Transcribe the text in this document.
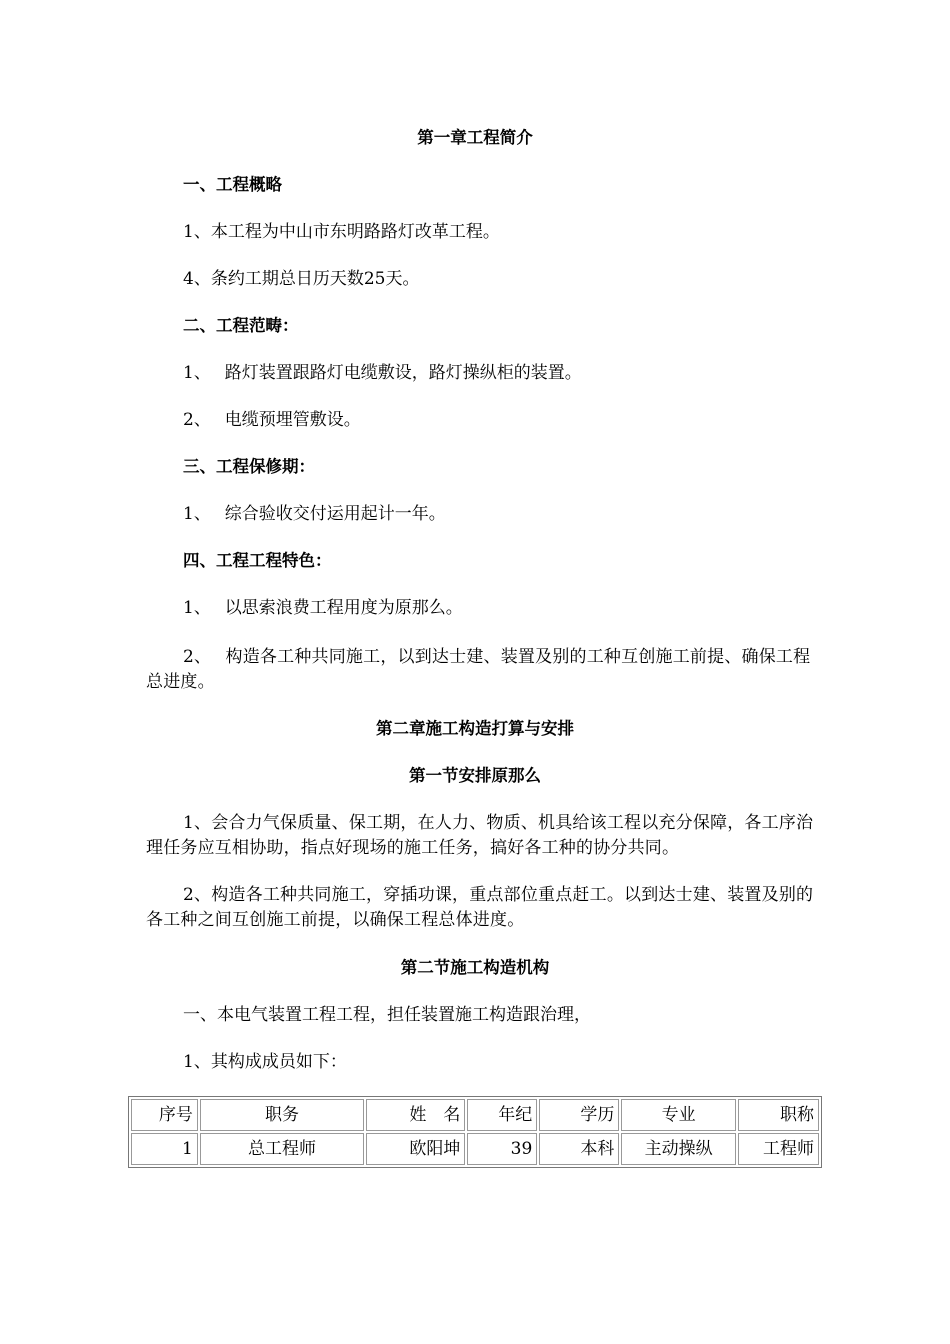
第一章工程简介
一、工程概略
1、本工程为中山市东明路路灯改革工程。
4、条约工期总日历天数25天。
二、工程范畴：
1、　 路灯装置跟路灯电缆敷设，路灯操纵柜的装置。
2、　 电缆预埋管敷设。
三、工程保修期：
1、　 综合验收交付运用起计一年。
四、工程工程特色：
1、　 以思索浪费工程用度为原那么。
2、　 构造各工种共同施工，以到达士建、装置及别的工种互创施工前提、确保工程总进度。
第二章施工构造打算与安排
第一节安排原那么
1、会合力气保质量、保工期，在人力、物质、机具给该工程以充分保障，各工序治理任务应互相协助，指点好现场的施工任务，搞好各工种的协分共同。
2、构造各工种共同施工，穿插功课，重点部位重点赶工。以到达士建、装置及别的各工种之间互创施工前提，以确保工程总体进度。
第二节施工构造机构
一、本电气装置工程工程，担任装置施工构造跟治理，
1、其构成成员如下：
序号	职务	姓　名	年纪	学历	专业	职称
1	总工程师	欧阳坤	39	本科	主动操纵	工程师
